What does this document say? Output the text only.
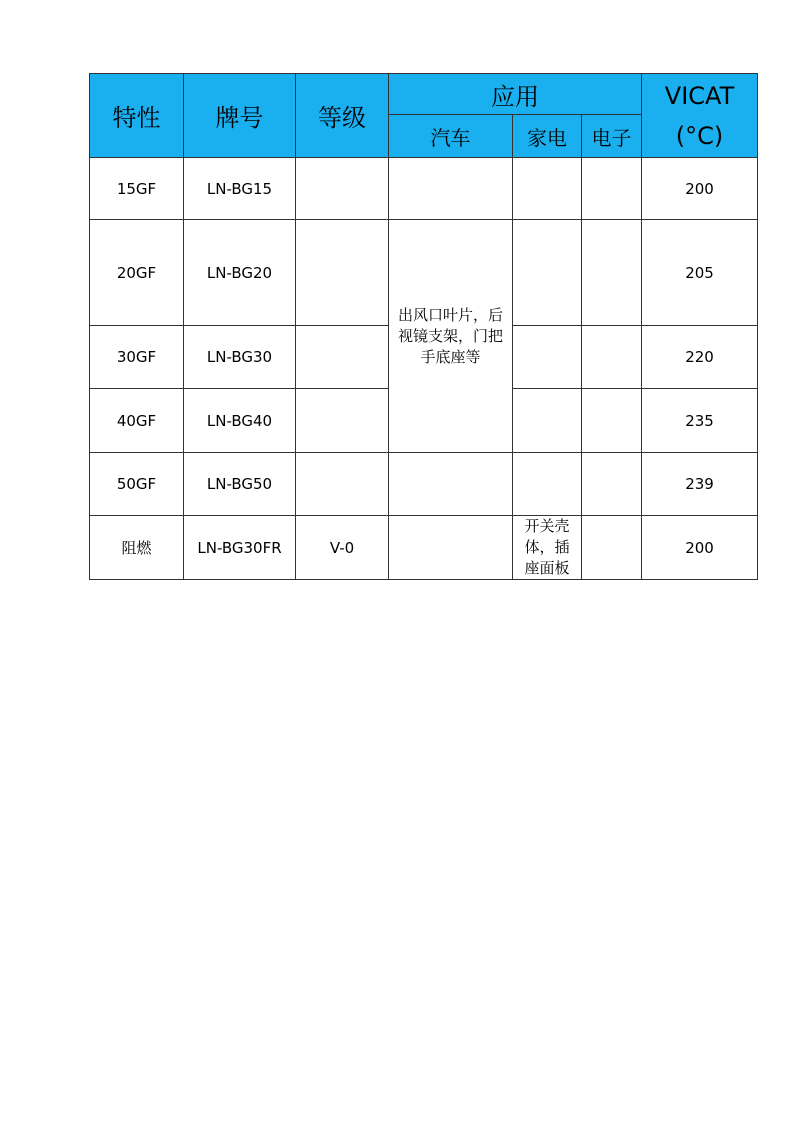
特性	牌号	等级	应用			VICAT
(°C)
			汽车	家电	电子	
15GF	LN-BG15					200
20GF	LN-BG20		出风口叶片，后视镜支架，门把手底座等			205
30GF	LN-BG30					220
40GF	LN-BG40					235
50GF	LN-BG50					239
阻燃	LN-BG30FR	V-0		开关壳体，插座面板		200
